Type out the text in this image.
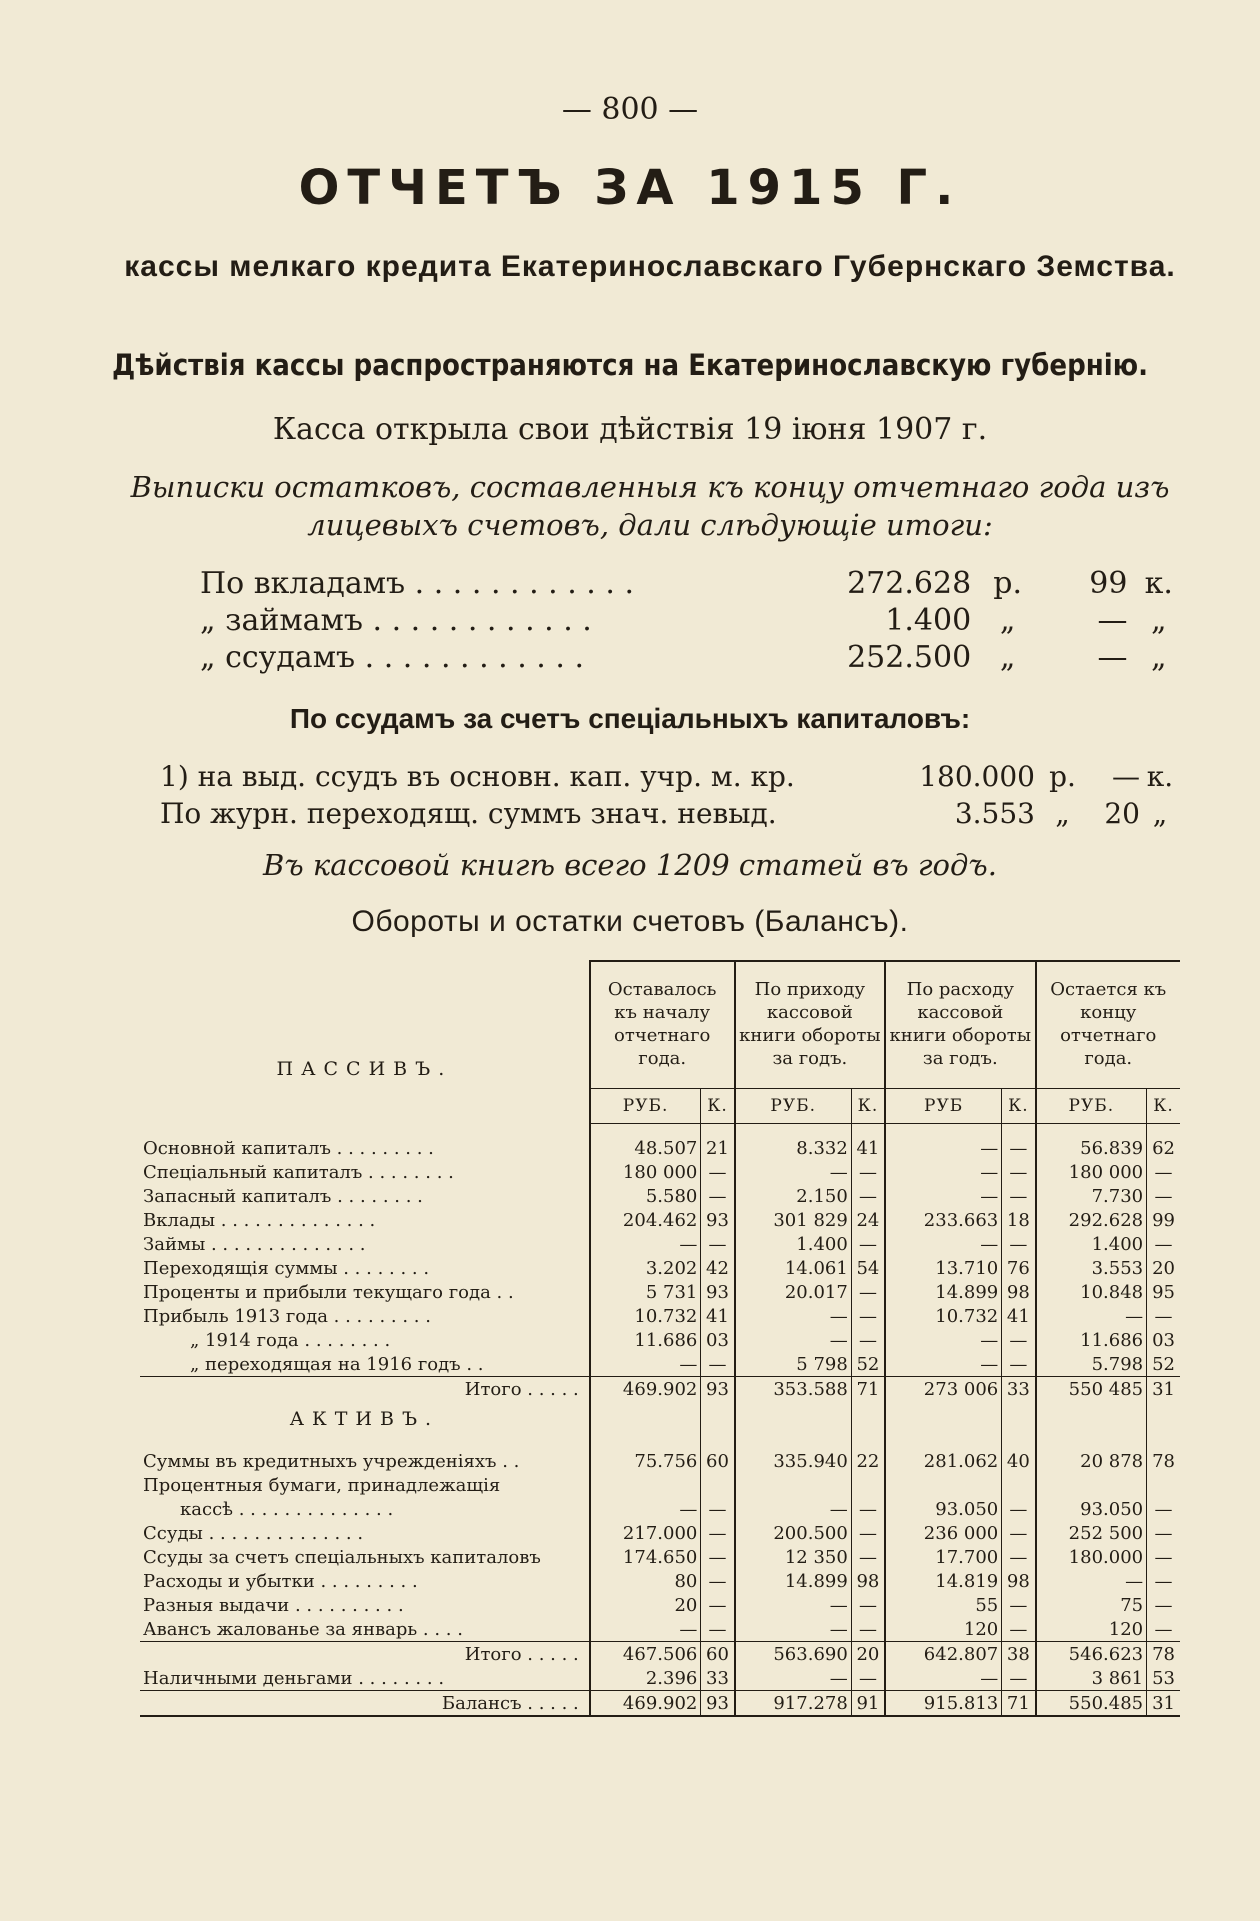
— 800 —
ОТЧЕТЪ ЗА 1915 Г.
кассы мелкаго кредита Екатеринославскаго Губернскаго Земства.
Дѣйствія кассы распространяются на Екатеринославскую губернію.
Касса открыла свои дѣйствія 19 іюня 1907 г.
Выписки остатковъ, составленныя къ концу отчетнаго года изъ лицевыхъ счетовъ, дали слѣдующіе итоги:
По вкладамъ . . . . . . . . . . . .	272.628	р.	99	к.
„ займамъ . . . . . . . . . . . .	1.400	„	—	„
„ ссудамъ . . . . . . . . . . . .	252.500	„	—	„
По ссудамъ за счетъ спеціальныхъ капиталовъ:
1) на выд. ссудъ въ основн. кап. учр. м. кр.	180.000 р.	— к.
По журн. переходящ. суммъ знач. невыд.	3.553 „	20 „
Въ кассовой книгѣ всего 1209 статей въ годъ.
Обороты и остатки счетовъ (Балансъ).
ПАССИВЪ.	Оставалось къ началу отчетнаго года.		По приходу кассовой книги обороты за годъ.		По расходу кассовой книги обороты за годъ.		Остается къ концу отчетнаго года.	
	РУБ.	К.	РУБ.	К.	РУБ	К.	РУБ.	К.

Основной капиталъ . . . . . . . . .	48.507	21	8.332	41	—	—	56.839	62
Спеціальный капиталъ . . . . . . . .	180 000	—	—	—	—	—	180 000	—
Запасный капиталъ . . . . . . . .	5.580	—	2.150	—	—	—	7.730	—
Вклады . . . . . . . . . . . . . .	204.462	93	301 829	24	233.663	18	292.628	99
Займы . . . . . . . . . . . . . .	—	—	1.400	—	—	—	1.400	—
Переходящія суммы . . . . . . . .	3.202	42	14.061	54	13.710	76	3.553	20
Проценты и прибыли текущаго года . .	5 731	93	20.017	—	14.899	98	10.848	95
Прибыль 1913 года . . . . . . . . .	10.732	41	—	—	10.732	41	—	—
„ 1914 года . . . . . . . .	11.686	03	—	—	—	—	11.686	03
„ переходящая на 1916 годъ . .	—	—	5 798	52	—	—	5.798	52
Итого . . . . .	469.902	93	353.588	71	273 006	33	550 485	31
АКТИВЪ.								

Суммы въ кредитныхъ учрежденіяхъ . .	75.756	60	335.940	22	281.062	40	20 878	78
Процентныя бумаги, принадлежащія								
кассѣ . . . . . . . . . . . . . .	—	—	—	—	93.050	—	93.050	—
Ссуды . . . . . . . . . . . . . .	217.000	—	200.500	—	236 000	—	252 500	—
Ссуды за счетъ спеціальныхъ капиталовъ	174.650	—	12 350	—	17.700	—	180.000	—
Расходы и убытки . . . . . . . . .	80	—	14.899	98	14.819	98	—	—
Разныя выдачи . . . . . . . . . .	20	—	—	—	55	—	75	—
Авансъ жалованье за январь . . . .	—	—	—	—	120	—	120	—
Итого . . . . .	467.506	60	563.690	20	642.807	38	546.623	78
Наличными деньгами . . . . . . . .	2.396	33	—	—	—	—	3 861	53
Балансъ . . . . .	469.902	93	917.278	91	915.813	71	550.485	31
